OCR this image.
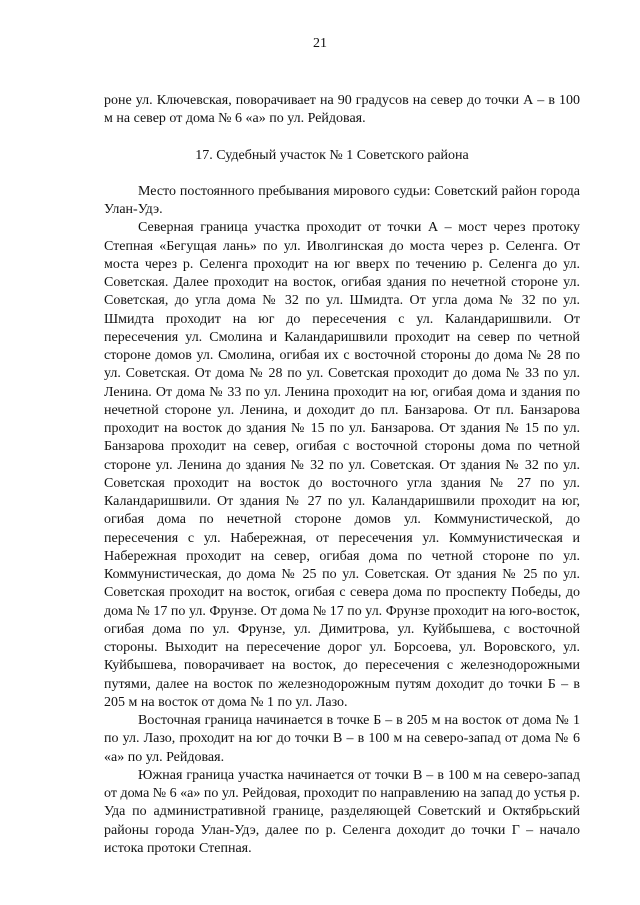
21

роне ул. Ключевская, поворачивает на 90 градусов на север до точки А – в 100 м на север от дома № 6 «а» по ул. Рейдовая.

17. Судебный участок № 1 Советского района

Место постоянного пребывания мирового судьи: Советский район города Улан-Удэ.

Северная граница участка проходит от точки А – мост через протоку Степная «Бегущая лань» по ул. Иволгинская до моста через р. Селенга. От моста через р. Селенга проходит на юг вверх по течению р. Селенга до ул. Советская. Далее проходит на восток, огибая здания по нечетной стороне ул. Советская, до угла дома № 32 по ул. Шмидта. От угла дома № 32 по ул. Шмидта проходит на юг до пересечения с ул. Каландаришвили. От пересечения ул. Смолина и Каландаришвили проходит на север по четной стороне домов ул. Смолина, огибая их с восточной стороны до дома № 28 по ул. Советская. От дома № 28 по ул. Советская проходит до дома № 33 по ул. Ленина. От дома № 33 по ул. Ленина проходит на юг, огибая дома и здания по нечетной стороне ул. Ленина, и доходит до пл. Банзарова. От пл. Банзарова проходит на восток до здания № 15 по ул. Банзарова. От здания № 15 по ул. Банзарова проходит на север, огибая с восточной стороны дома по четной стороне ул. Ленина до здания № 32 по ул. Советская. От здания № 32 по ул. Советская проходит на восток до восточного угла здания № 27 по ул. Каландаришвили. От здания № 27 по ул. Каландаришвили проходит на юг, огибая дома по нечетной стороне домов ул. Коммунистической, до пересечения с ул. Набережная, от пересечения ул. Коммунистическая и Набережная проходит на север, огибая дома по четной стороне по ул. Коммунистическая, до дома № 25 по ул. Советская. От здания № 25 по ул. Советская проходит на восток, огибая с севера дома по проспекту Победы, до дома № 17 по ул. Фрунзе. От дома № 17 по ул. Фрунзе проходит на юго-восток, огибая дома по ул. Фрунзе, ул. Димитрова, ул. Куйбышева, с восточной стороны. Выходит на пересечение дорог ул. Борсоева, ул. Воровского, ул. Куйбышева, поворачивает на восток, до пересечения с железнодорожными путями, далее на восток по железнодорожным путям доходит до точки Б – в 205 м на восток от дома № 1 по ул. Лазо.

Восточная граница начинается в точке Б – в 205 м на восток от дома № 1 по ул. Лазо, проходит на юг до точки В – в 100 м на северо-запад от дома № 6 «а» по ул. Рейдовая.

Южная граница участка начинается от точки В – в 100 м на северо-запад от дома № 6 «а» по ул. Рейдовая, проходит по направлению на запад до устья р. Уда по административной границе, разделяющей Советский и Октябрьский районы города Улан-Удэ, далее по р. Селенга доходит до точки Г – начало истока протоки Степная.
